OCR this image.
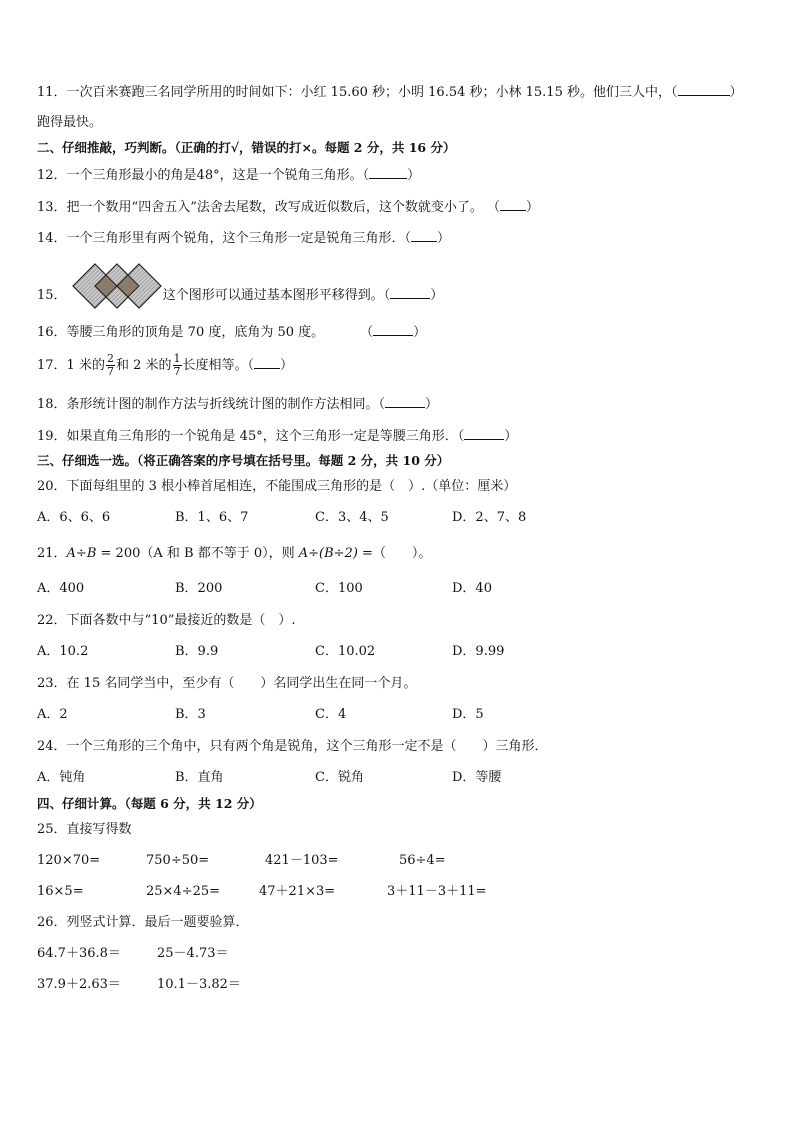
11．一次百米赛跑三名同学所用的时间如下：小红 15.60 秒；小明 16.54 秒；小林 15.15 秒。他们三人中，（	）
跑得最快。
二、仔细推敲，巧判断。（正确的打√，错误的打×。每题 2 分，共 16 分）
12．一个三角形最小的角是48°，这是一个锐角三角形。（	）
13．把一个数用“四舍五入”法舍去尾数，改写成近似数后，这个数就变小了。 （ ）
14．一个三角形里有两个锐角，这个三角形一定是锐角三角形．（ ）
15．	这个图形可以通过基本图形平移得到。（	）
16．等腰三角形的顶角是 70 度，底角为 50 度。	（	）
17．1 米的 $\frac{2}{7}$ 和 2 米的 $\frac{1}{7}$ 长度相等。（ ）
18．条形统计图的制作方法与折线统计图的制作方法相同。（	）
19．如果直角三角形的一个锐角是 45°，这个三角形一定是等腰三角形．（	）
三、仔细选一选。（将正确答案的序号填在括号里。每题 2 分，共 10 分）
20．下面每组里的 3 根小棒首尾相连，不能围成三角形的是（　）.（单位：厘米）
A．6、6、6	B．1、6、7	C．3、4、5	D．2、7、8
21．A÷B = 200（A 和 B 都不等于 0），则 A÷(B÷2) =（　　）。
A．400	B．200	C．100	D．40
22．下面各数中与“10”最接近的数是（　）.
A．10.2	B．9.9	C．10.02	D．9.99
23．在 15 名同学当中，至少有（　　）名同学出生在同一个月。
A．2	B．3	C．4	D．5
24．一个三角形的三个角中，只有两个角是锐角，这个三角形一定不是（　　）三角形．
A．钝角	B．直角	C．锐角	D．等腰
四、仔细计算。（每题 6 分，共 12 分）
25．直接写得数
120×70=	750÷50=	421－103=	56÷4=
16×5=	25×4÷25=	47＋21×3=	3＋11－3＋11=
26．列竖式计算．最后一题要验算．
64.7＋36.8＝	25－4.73＝
37.9＋2.63＝	10.1－3.82＝
